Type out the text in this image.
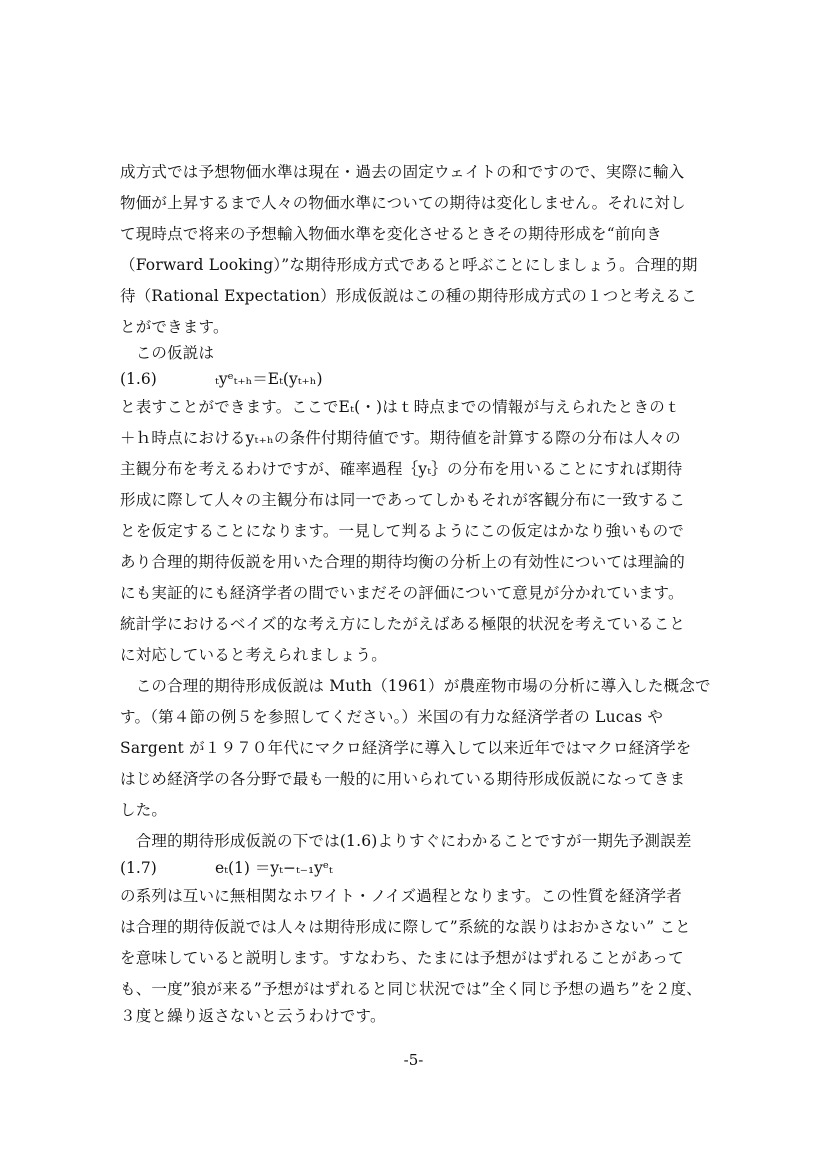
成方式では予想物価水準は現在・過去の固定ウェイトの和ですので、実際に輸入
物価が上昇するまで人々の物価水準についての期待は変化しません。それに対し
て現時点で将来の予想輸入物価水準を変化させるときその期待形成を“前向き
（Forward Looking）”な期待形成方式であると呼ぶことにしましょう。合理的期
待（Rational Expectation）形成仮説はこの種の期待形成方式の１つと考えるこ
とができます。
　この仮説は
(1.6)	ₜyᵉₜ₊ₕ＝Eₜ(yₜ₊ₕ)
と表すことができます。ここでEₜ(・)はｔ時点までの情報が与えられたときのｔ
＋ｈ時点におけるyₜ₊ₕの条件付期待値です。期待値を計算する際の分布は人々の
主観分布を考えるわけですが、確率過程｛yₜ｝の分布を用いることにすれば期待
形成に際して人々の主観分布は同一であってしかもそれが客観分布に一致するこ
とを仮定することになります。一見して判るようにこの仮定はかなり強いもので
あり合理的期待仮説を用いた合理的期待均衡の分析上の有効性については理論的
にも実証的にも経済学者の間でいまだその評価について意見が分かれています。
統計学におけるベイズ的な考え方にしたがえばある極限的状況を考えていること
に対応していると考えられましょう。
　この合理的期待形成仮説は Muth（1961）が農産物市場の分析に導入した概念で
す。（第４節の例５を参照してください。）米国の有力な経済学者の Lucas や
Sargent が１９７０年代にマクロ経済学に導入して以来近年ではマクロ経済学を
はじめ経済学の各分野で最も一般的に用いられている期待形成仮説になってきま
した。
　合理的期待形成仮説の下では(1.6)よりすぐにわかることですが一期先予測誤差
(1.7)	eₜ(1) ＝yₜ−ₜ₋₁yᵉₜ
の系列は互いに無相関なホワイト・ノイズ過程となります。この性質を経済学者
は合理的期待仮説では人々は期待形成に際して”系統的な誤りはおかさない” こと
を意味していると説明します。すなわち、たまには予想がはずれることがあって
も、一度”狼が来る”予想がはずれると同じ状況では”全く同じ予想の過ち”を２度、
３度と繰り返さないと云うわけです。
-5-
